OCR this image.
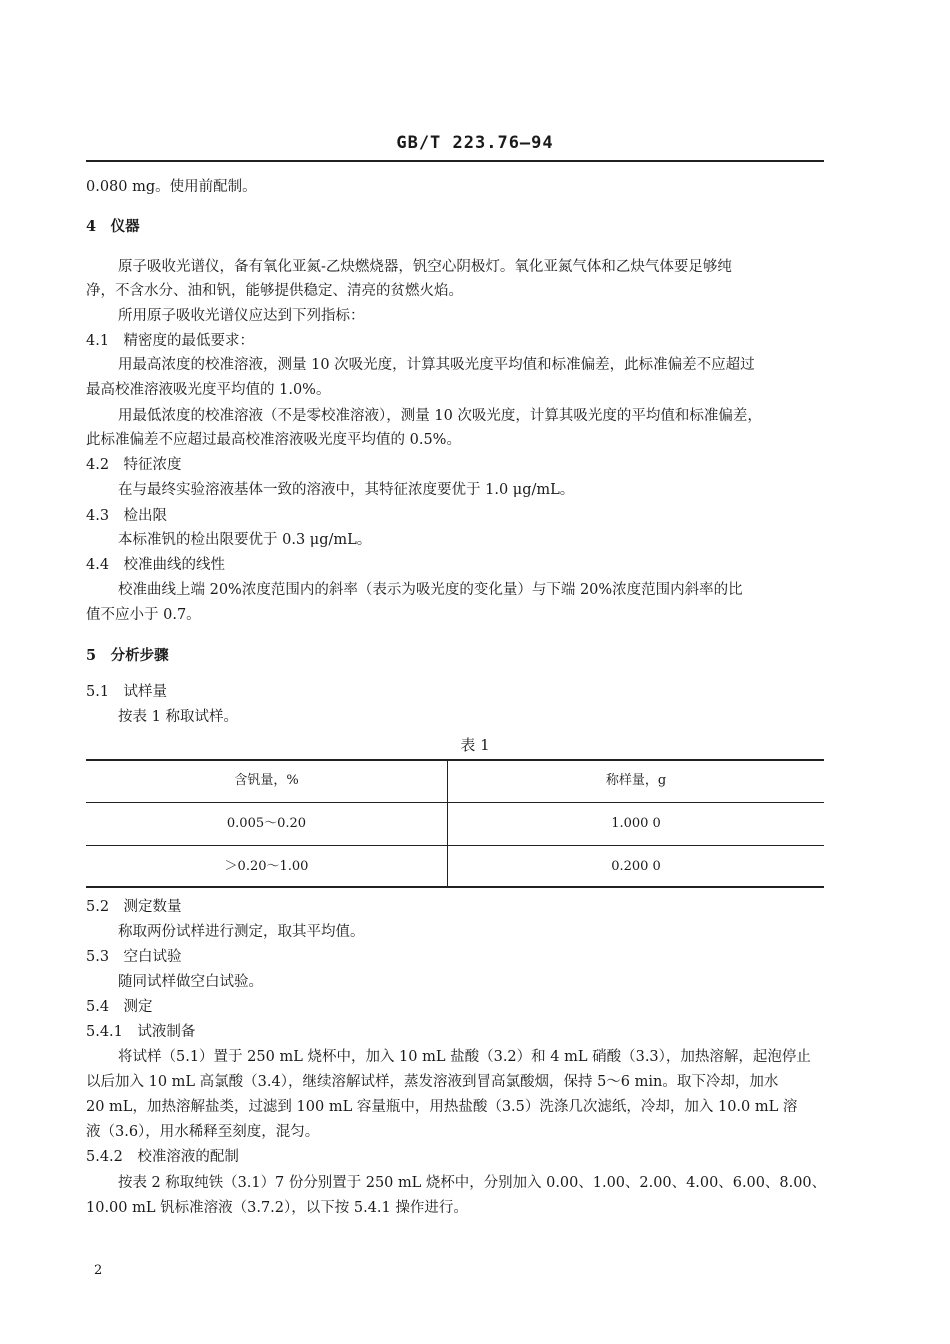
GB/T 223.76—94
0.080 mg。使用前配制。
4　仪器
原子吸收光谱仪，备有氧化亚氮-乙炔燃烧器，钒空心阴极灯。氧化亚氮气体和乙炔气体要足够纯
净，不含水分、油和钒，能够提供稳定、清亮的贫燃火焰。
所用原子吸收光谱仪应达到下列指标：
4.1　精密度的最低要求：
用最高浓度的校准溶液，测量 10 次吸光度，计算其吸光度平均值和标准偏差，此标准偏差不应超过
最高校准溶液吸光度平均值的 1.0%。
用最低浓度的校准溶液（不是零校准溶液），测量 10 次吸光度，计算其吸光度的平均值和标准偏差，
此标准偏差不应超过最高校准溶液吸光度平均值的 0.5%。
4.2　特征浓度
在与最终实验溶液基体一致的溶液中，其特征浓度要优于 1.0 μg/mL。
4.3　检出限
本标准钒的检出限要优于 0.3 μg/mL。
4.4　校准曲线的线性
校准曲线上端 20%浓度范围内的斜率（表示为吸光度的变化量）与下端 20%浓度范围内斜率的比
值不应小于 0.7。
5　分析步骤
5.1　试样量
按表 1 称取试样。
表 1
含钒量，%	称样量，g
0.005～0.20	1.000 0
＞0.20～1.00	0.200 0
5.2　测定数量
称取两份试样进行测定，取其平均值。
5.3　空白试验
随同试样做空白试验。
5.4　测定
5.4.1　试液制备
将试样（5.1）置于 250 mL 烧杯中，加入 10 mL 盐酸（3.2）和 4 mL 硝酸（3.3），加热溶解，起泡停止
以后加入 10 mL 高氯酸（3.4），继续溶解试样，蒸发溶液到冒高氯酸烟，保持 5～6 min。取下冷却，加水
20 mL，加热溶解盐类，过滤到 100 mL 容量瓶中，用热盐酸（3.5）洗涤几次滤纸，冷却，加入 10.0 mL 溶
液（3.6），用水稀释至刻度，混匀。
5.4.2　校准溶液的配制
按表 2 称取纯铁（3.1）7 份分别置于 250 mL 烧杯中，分别加入 0.00、1.00、2.00、4.00、6.00、8.00、
10.00 mL 钒标准溶液（3.7.2），以下按 5.4.1 操作进行。
2
